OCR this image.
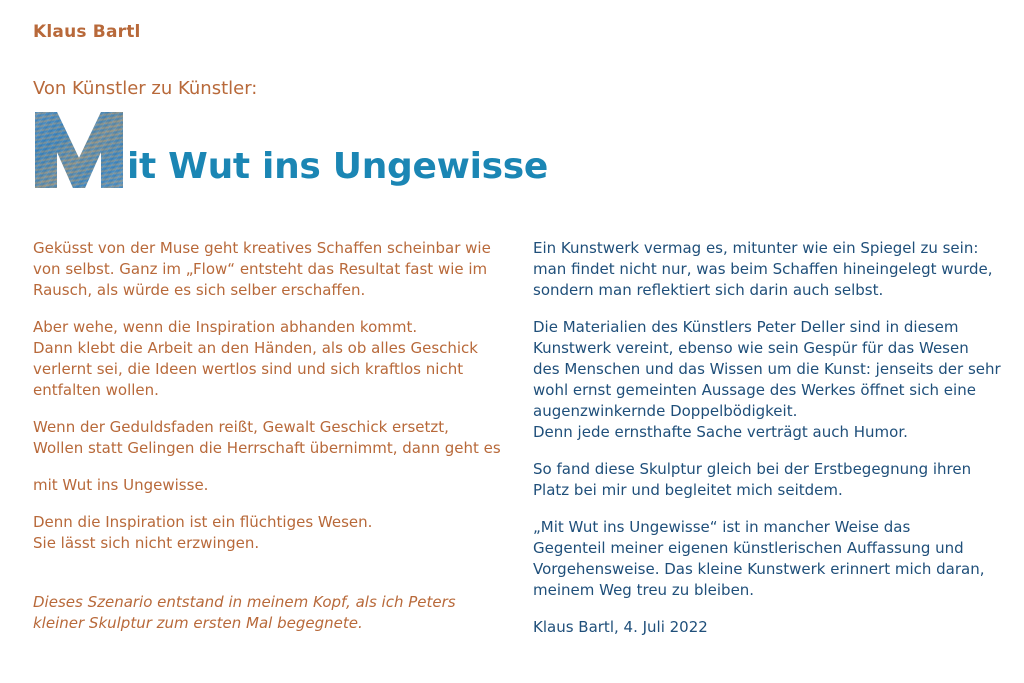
Klaus Bartl
Von Künstler zu Künstler:
it Wut ins Ungewisse

Geküsst von der Muse geht kreatives Schaffen scheinbar wie
von selbst. Ganz im „Flow“ entsteht das Resultat fast wie im
Rausch, als würde es sich selber erschaffen.

Aber wehe, wenn die Inspiration abhanden kommt.
Dann klebt die Arbeit an den Händen, als ob alles Geschick
verlernt sei, die Ideen wertlos sind und sich kraftlos nicht
entfalten wollen.

Wenn der Geduldsfaden reißt, Gewalt Geschick ersetzt,
Wollen statt Gelingen die Herrschaft übernimmt, dann geht es

mit Wut ins Ungewisse.

Denn die Inspiration ist ein flüchtiges Wesen.
Sie lässt sich nicht erzwingen.

Dieses Szenario entstand in meinem Kopf, als ich Peters
kleiner Skulptur zum ersten Mal begegnete.

Ein Kunstwerk vermag es, mitunter wie ein Spiegel zu sein:
man findet nicht nur, was beim Schaffen hineingelegt wurde,
sondern man reflektiert sich darin auch selbst.

Die Materialien des Künstlers Peter Deller sind in diesem
Kunstwerk vereint, ebenso wie sein Gespür für das Wesen
des Menschen und das Wissen um die Kunst: jenseits der sehr
wohl ernst gemeinten Aussage des Werkes öffnet sich eine
augenzwinkernde Doppelbödigkeit.
Denn jede ernsthafte Sache verträgt auch Humor.

So fand diese Skulptur gleich bei der Erstbegegnung ihren
Platz bei mir und begleitet mich seitdem.

„Mit Wut ins Ungewisse“ ist in mancher Weise das
Gegenteil meiner eigenen künstlerischen Auffassung und
Vorgehensweise. Das kleine Kunstwerk erinnert mich daran,
meinem Weg treu zu bleiben.

Klaus Bartl, 4. Juli 2022
